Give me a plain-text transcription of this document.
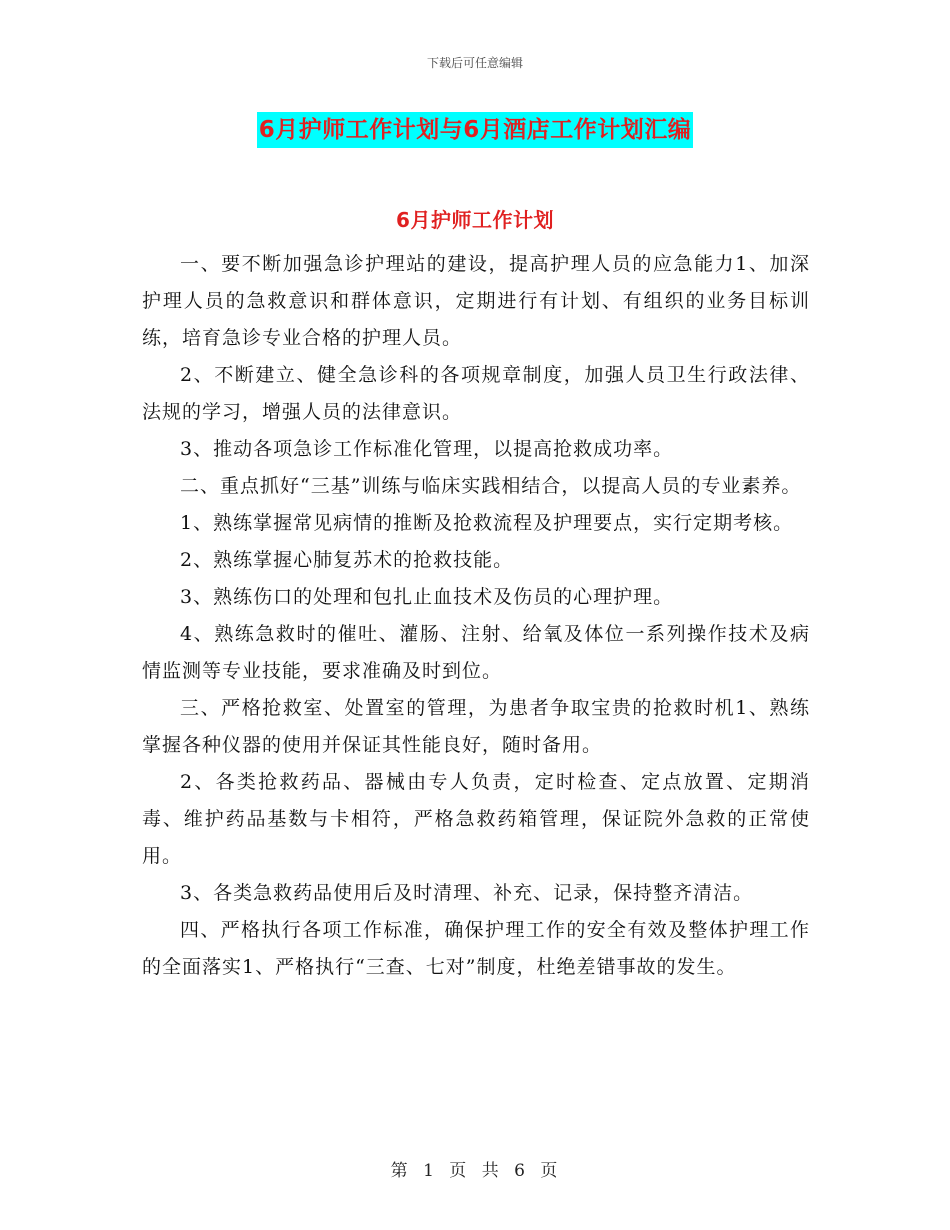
下载后可任意编辑
6月护师工作计划与6月酒店工作计划汇编
6月护师工作计划

一、要不断加强急诊护理站的建设，提高护理人员的应急能力1、加深护理人员的急救意识和群体意识，定期进行有计划、有组织的业务目标训练，培育急诊专业合格的护理人员。

2、不断建立、健全急诊科的各项规章制度，加强人员卫生行政法律、法规的学习，增强人员的法律意识。

3、推动各项急诊工作标准化管理，以提高抢救成功率。

二、重点抓好“三基”训练与临床实践相结合，以提高人员的专业素养。

1、熟练掌握常见病情的推断及抢救流程及护理要点，实行定期考核。

2、熟练掌握心肺复苏术的抢救技能。

3、熟练伤口的处理和包扎止血技术及伤员的心理护理。

4、熟练急救时的催吐、灌肠、注射、给氧及体位一系列操作技术及病情监测等专业技能，要求准确及时到位。

三、严格抢救室、处置室的管理，为患者争取宝贵的抢救时机1、熟练掌握各种仪器的使用并保证其性能良好，随时备用。

2、各类抢救药品、器械由专人负责，定时检查、定点放置、定期消毒、维护药品基数与卡相符，严格急救药箱管理，保证院外急救的正常使用。

3、各类急救药品使用后及时清理、补充、记录，保持整齐清洁。

四、严格执行各项工作标准，确保护理工作的安全有效及整体护理工作的全面落实1、严格执行“三查、七对”制度，杜绝差错事故的发生。

第 1 页 共 6 页
